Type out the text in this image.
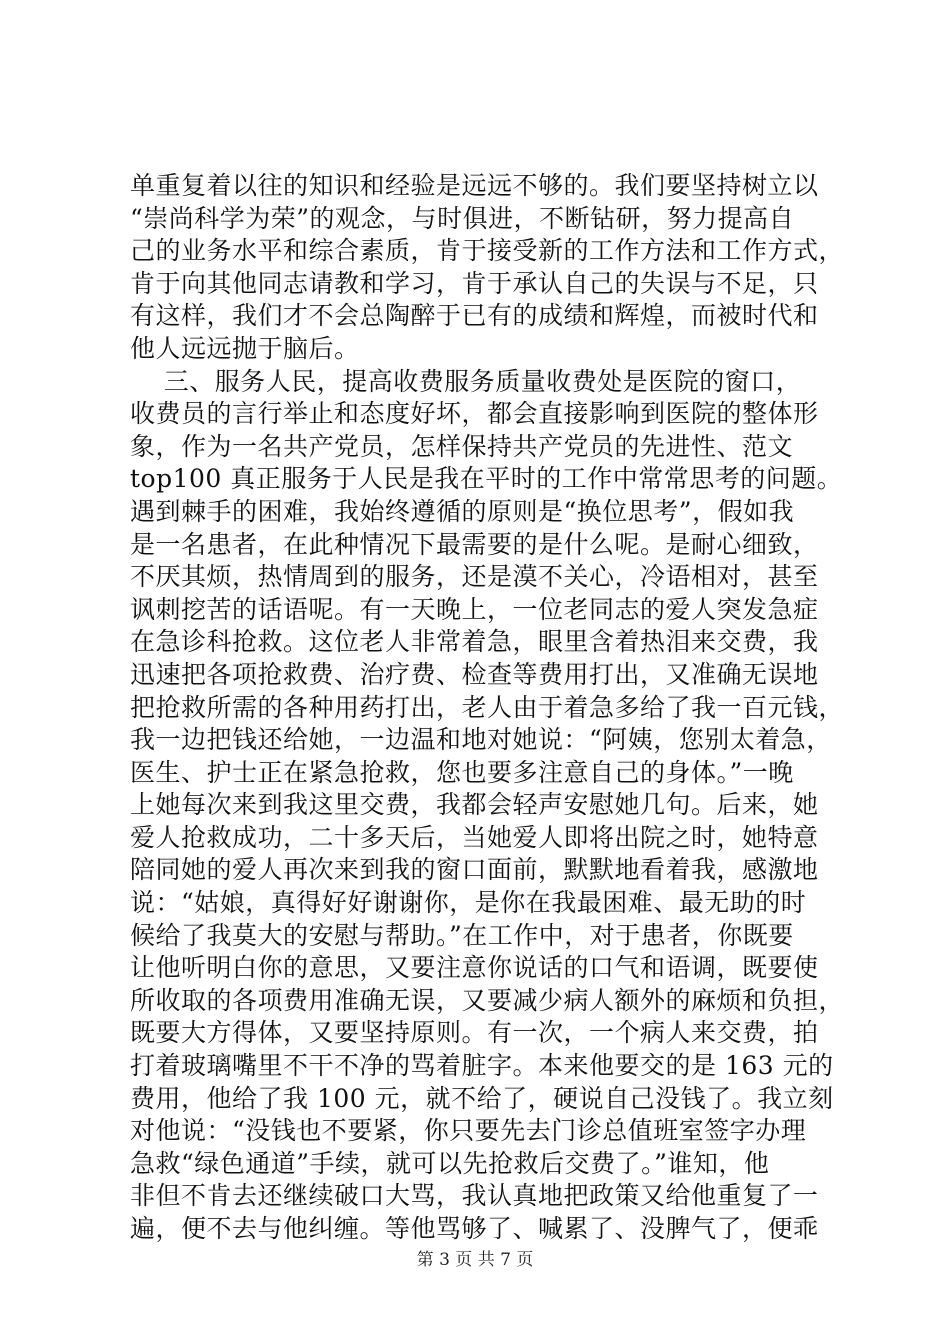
单重复着以往的知识和经验是远远不够的。我们要坚持树立以
“崇尚科学为荣”的观念，与时俱进，不断钻研，努力提高自
己的业务水平和综合素质，肯于接受新的工作方法和工作方式，
肯于向其他同志请教和学习，肯于承认自己的失误与不足，只
有这样，我们才不会总陶醉于已有的成绩和辉煌，而被时代和
他人远远抛于脑后。
三、服务人民，提高收费服务质量收费处是医院的窗口，
收费员的言行举止和态度好坏，都会直接影响到医院的整体形
象，作为一名共产党员，怎样保持共产党员的先进性、范文
top100 真正服务于人民是我在平时的工作中常常思考的问题。
遇到棘手的困难，我始终遵循的原则是“换位思考”，假如我
是一名患者，在此种情况下最需要的是什么呢。是耐心细致，
不厌其烦，热情周到的服务，还是漠不关心，冷语相对，甚至
讽刺挖苦的话语呢。有一天晚上，一位老同志的爱人突发急症
在急诊科抢救。这位老人非常着急，眼里含着热泪来交费，我
迅速把各项抢救费、治疗费、检查等费用打出，又准确无误地
把抢救所需的各种用药打出，老人由于着急多给了我一百元钱，
我一边把钱还给她，一边温和地对她说：“阿姨，您别太着急，
医生、护士正在紧急抢救，您也要多注意自己的身体。”一晚
上她每次来到我这里交费，我都会轻声安慰她几句。后来，她
爱人抢救成功，二十多天后，当她爱人即将出院之时，她特意
陪同她的爱人再次来到我的窗口面前，默默地看着我，感激地
说：“姑娘，真得好好谢谢你，是你在我最困难、最无助的时
候给了我莫大的安慰与帮助。”在工作中，对于患者，你既要
让他听明白你的意思，又要注意你说话的口气和语调，既要使
所收取的各项费用准确无误，又要减少病人额外的麻烦和负担，
既要大方得体，又要坚持原则。有一次，一个病人来交费，拍
打着玻璃嘴里不干不净的骂着脏字。本来他要交的是 163 元的
费用，他给了我 100 元，就不给了，硬说自己没钱了。我立刻
对他说：“没钱也不要紧，你只要先去门诊总值班室签字办理
急救“绿色通道”手续，就可以先抢救后交费了。”谁知，他
非但不肯去还继续破口大骂，我认真地把政策又给他重复了一
遍，便不去与他纠缠。等他骂够了、喊累了、没脾气了，便乖
第 3 页 共 7 页
